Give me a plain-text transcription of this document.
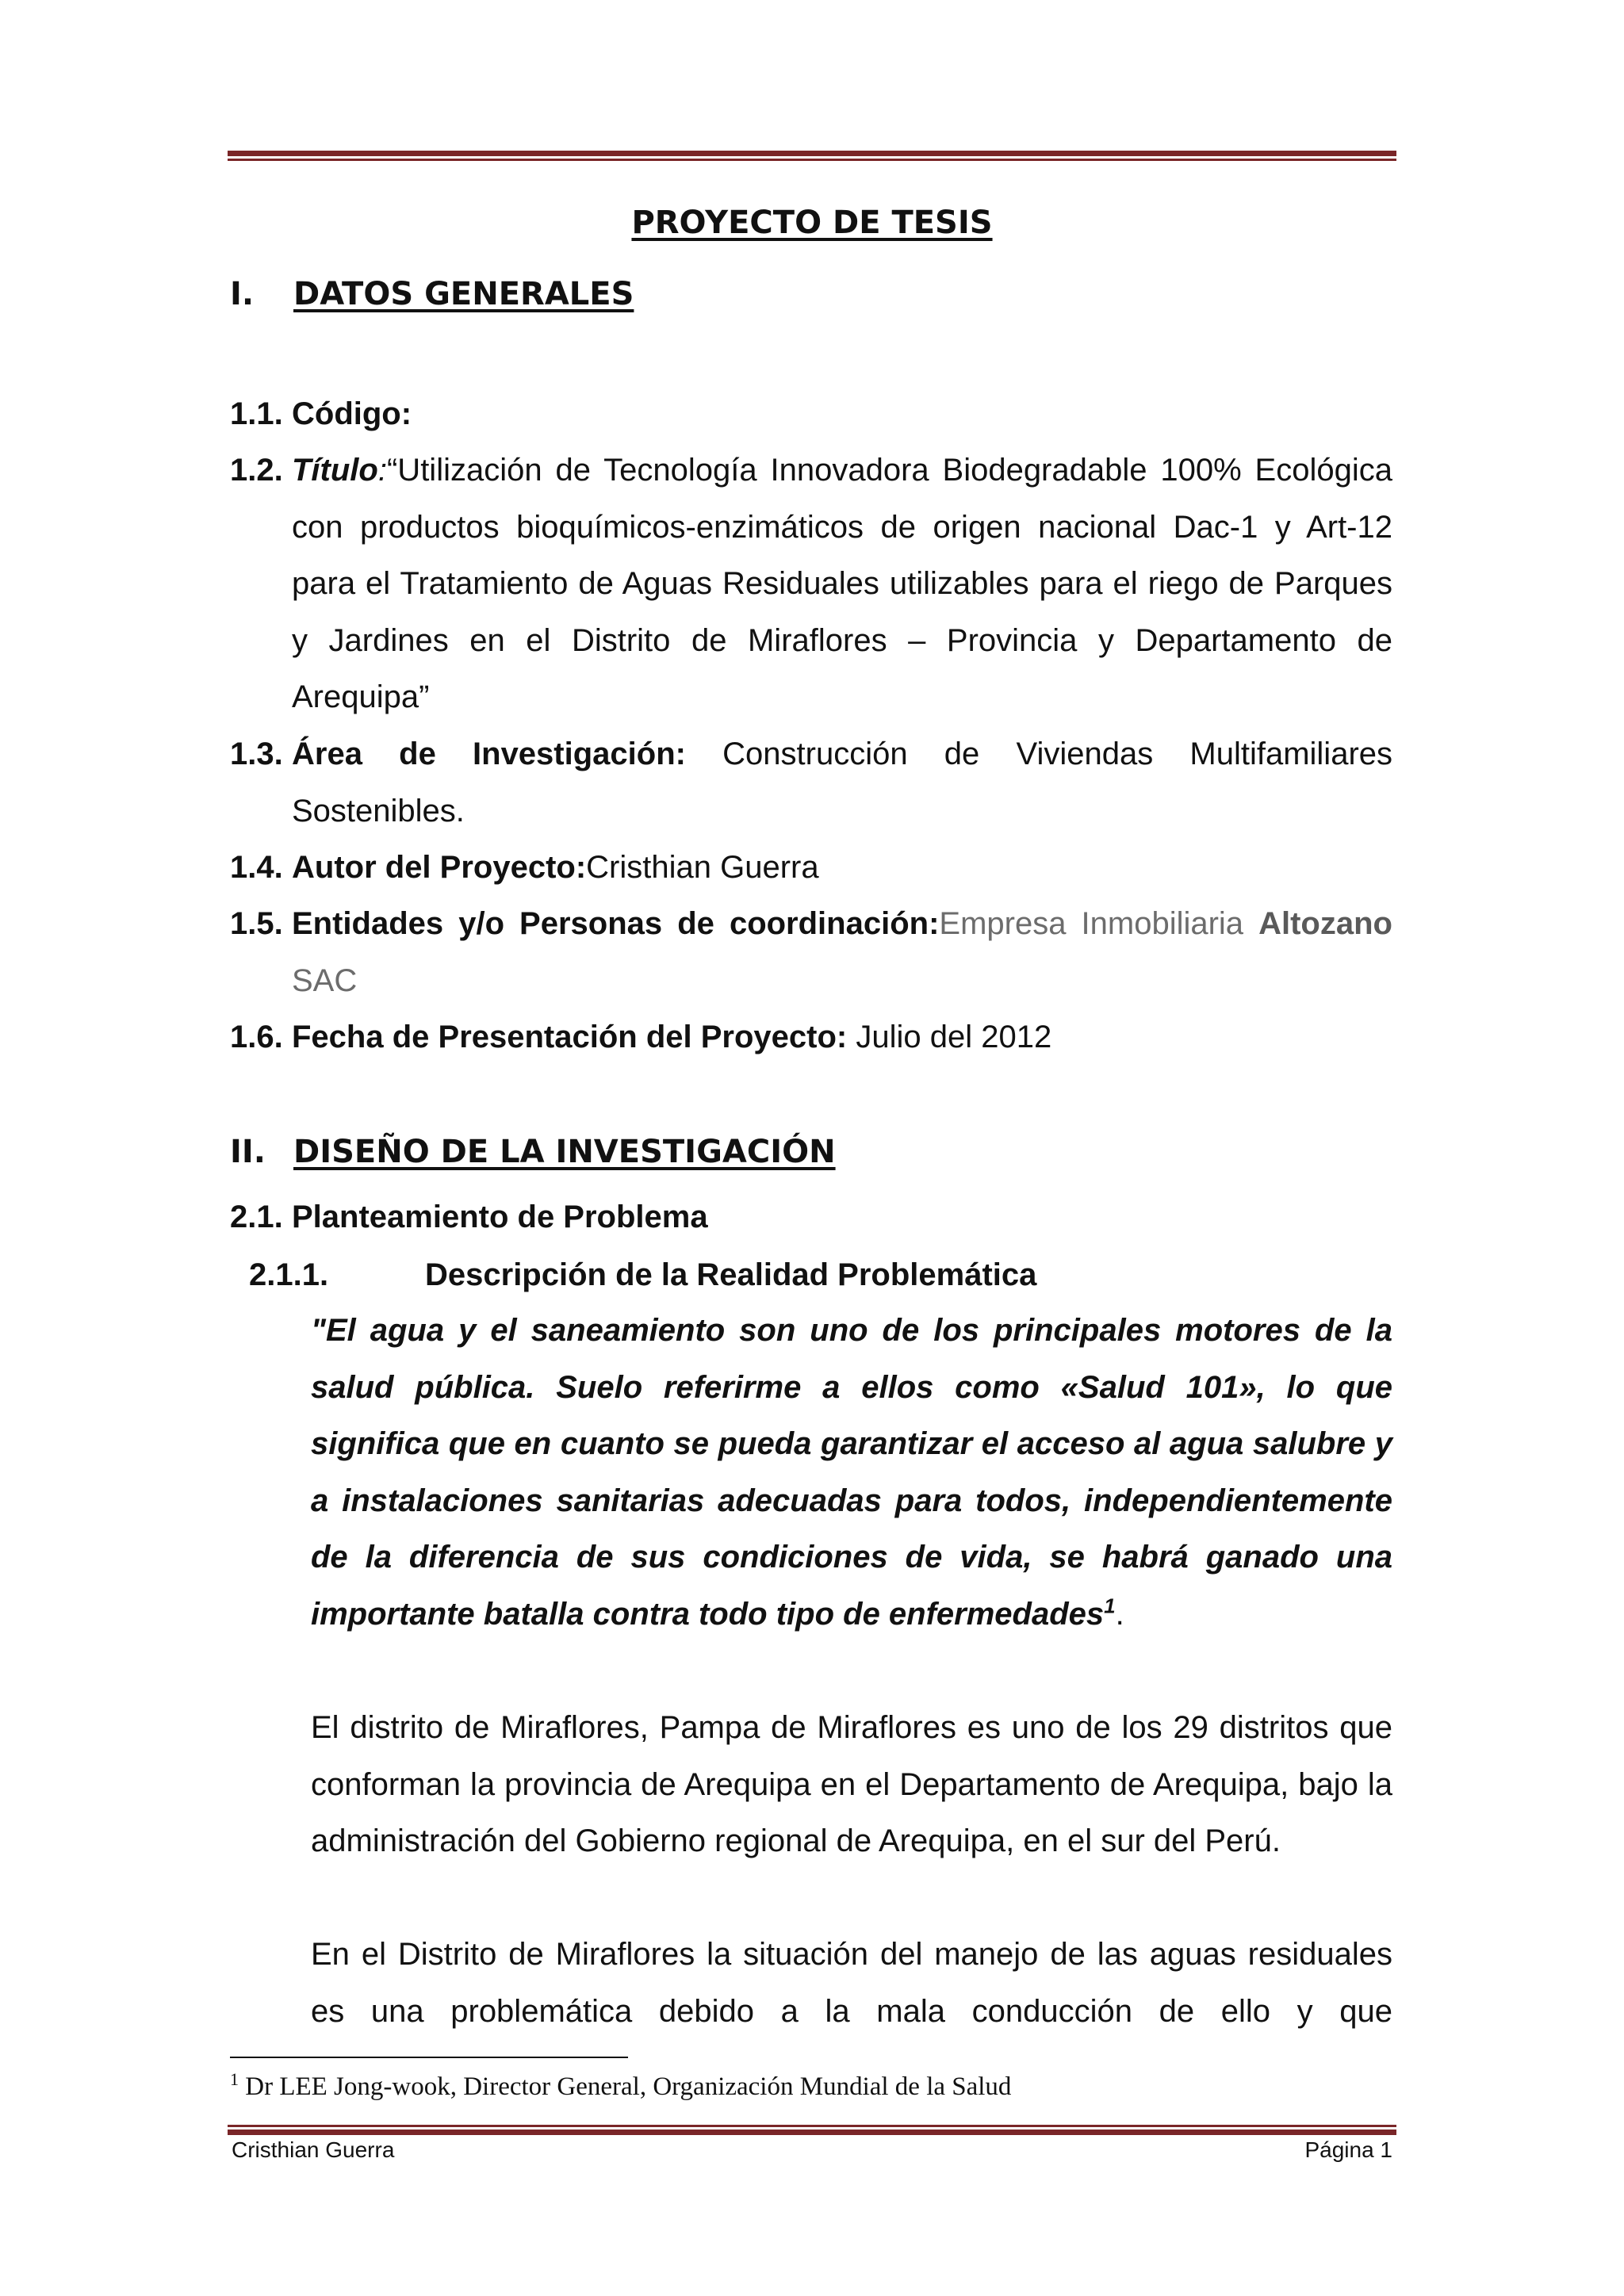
PROYECTO DE TESIS
I. DATOS GENERALES
1.1. Código:
1.2. Título:“Utilización de Tecnología Innovadora Biodegradable 100% Ecológica con productos bioquímicos-enzimáticos de origen nacional Dac-1 y Art-12 para el Tratamiento de Aguas Residuales utilizables para el riego de Parques y Jardines en el Distrito de Miraflores – Provincia y Departamento de Arequipa”
1.3. Área de Investigación: Construcción de Viviendas Multifamiliares Sostenibles.
1.4. Autor del Proyecto:Cristhian Guerra
1.5. Entidades y/o Personas de coordinación:Empresa Inmobiliaria Altozano SAC
1.6. Fecha de Presentación del Proyecto: Julio del 2012
II. DISEÑO DE LA INVESTIGACIÓN
2.1. Planteamiento de Problema
2.1.1.	Descripción de la Realidad Problemática
"El agua y el saneamiento son uno de los principales motores de la salud pública. Suelo referirme a ellos como «Salud 101», lo que significa que en cuanto se pueda garantizar el acceso al agua salubre y a instalaciones sanitarias adecuadas para todos, independientemente de la diferencia de sus condiciones de vida, se habrá ganado una importante batalla contra todo tipo de enfermedades$^1$.
El distrito de Miraflores, Pampa de Miraflores es uno de los 29 distritos que conforman la provincia de Arequipa en el Departamento de Arequipa, bajo la administración del Gobierno regional de Arequipa, en el sur del Perú.
En el Distrito de Miraflores la situación del manejo de las aguas residuales es una problemática debido a la mala conducción de ello y que
$^1$ Dr LEE Jong-wook, Director General, Organización Mundial de la Salud
Cristhian Guerra	Página 1
